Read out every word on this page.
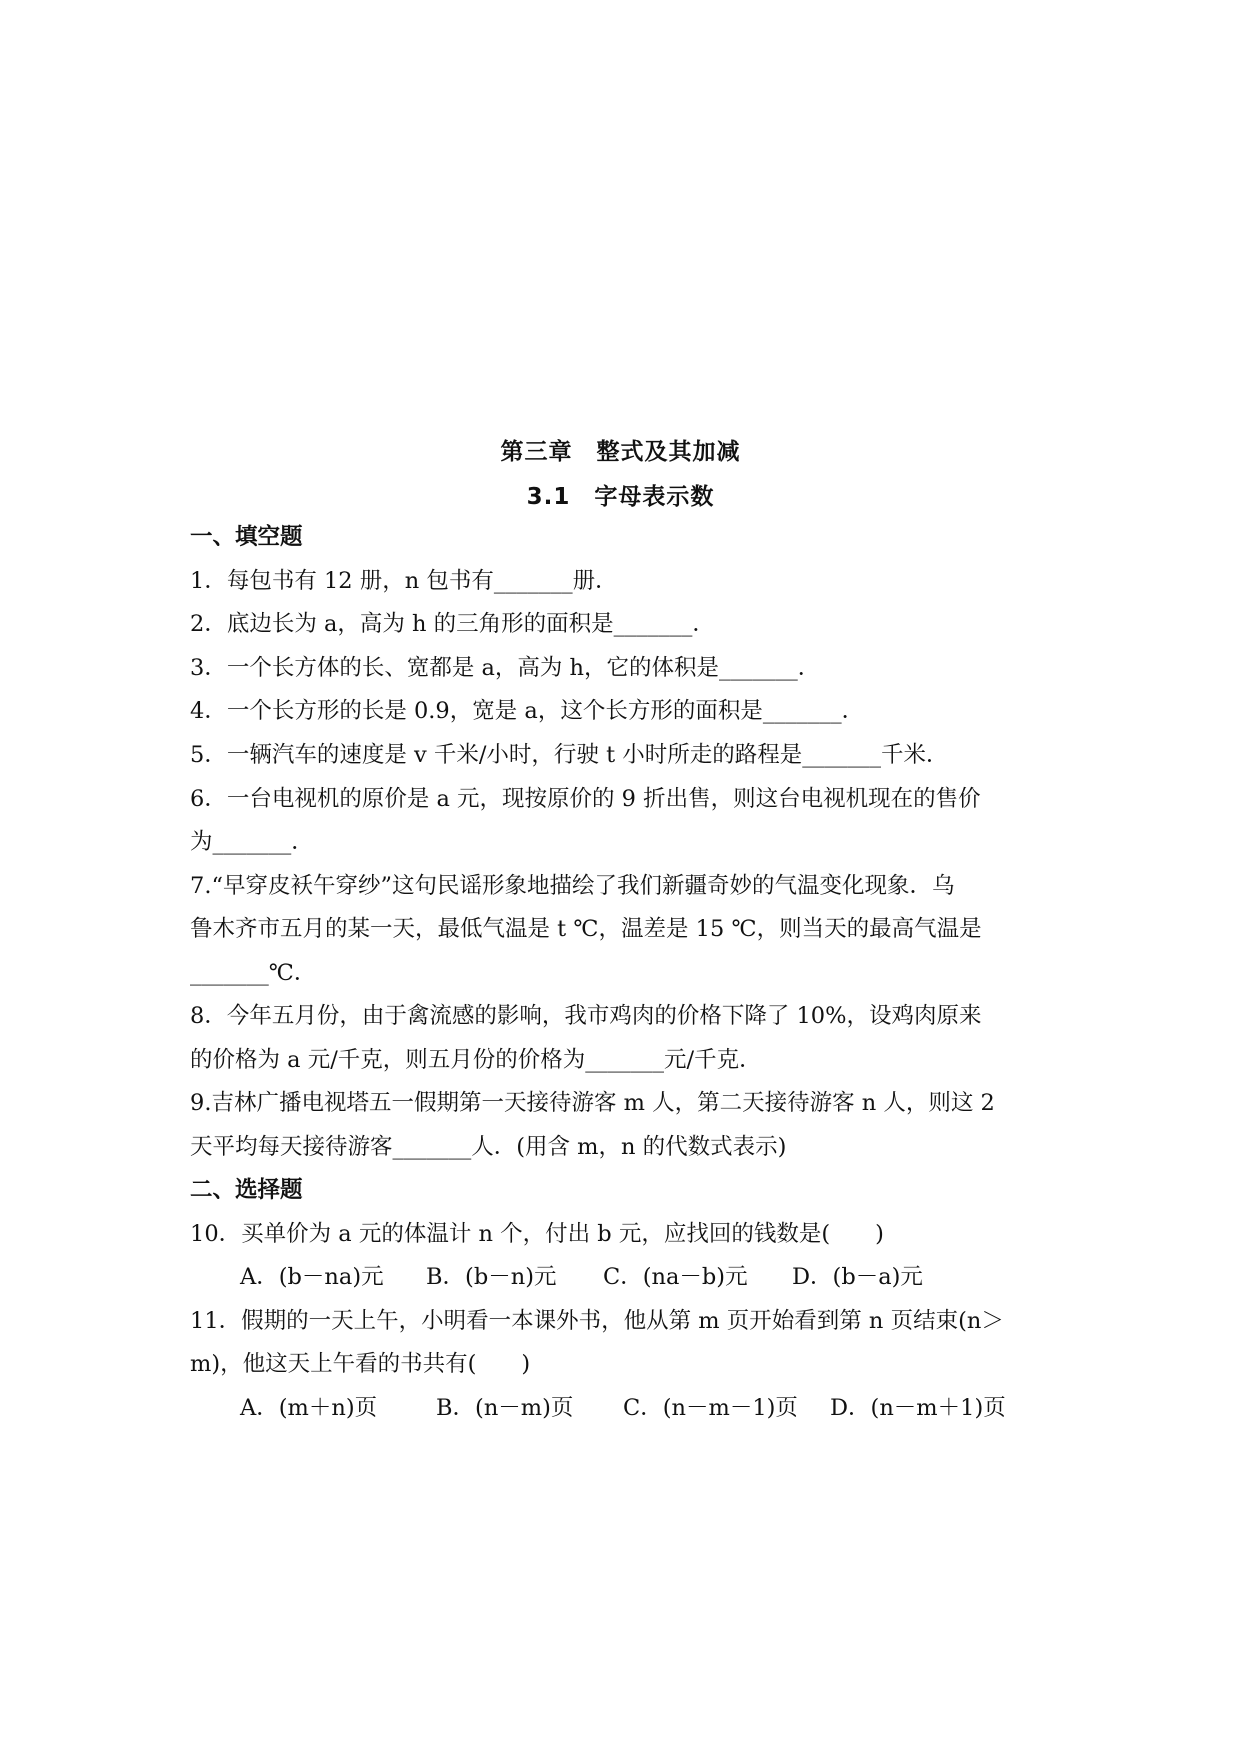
第三章　整式及其加减
3.1　字母表示数
一、填空题
1．每包书有 12 册，n 包书有_______册．
2．底边长为 a，高为 h 的三角形的面积是_______．
3．一个长方体的长、宽都是 a，高为 h，它的体积是_______．
4．一个长方形的长是 0.9，宽是 a，这个长方形的面积是_______．
5．一辆汽车的速度是 v 千米/小时，行驶 t 小时所走的路程是_______千米．
6．一台电视机的原价是 a 元，现按原价的 9 折出售，则这台电视机现在的售价
为_______．
7.“早穿皮袄午穿纱”这句民谣形象地描绘了我们新疆奇妙的气温变化现象．乌
鲁木齐市五月的某一天，最低气温是 t ℃，温差是 15 ℃，则当天的最高气温是
_______℃．
8．今年五月份，由于禽流感的影响，我市鸡肉的价格下降了 10%，设鸡肉原来
的价格为 a 元/千克，则五月份的价格为_______元/千克．
9.吉林广播电视塔五一假期第一天接待游客 m 人，第二天接待游客 n 人，则这 2
天平均每天接待游客_______人．(用含 m，n 的代数式表示)
二、选择题
10．买单价为 a 元的体温计 n 个，付出 b 元，应找回的钱数是(　　)
A．(b－na)元 B．(b－n)元 C．(na－b)元 D．(b－a)元
11．假期的一天上午，小明看一本课外书，他从第 m 页开始看到第 n 页结束(n＞
m)，他这天上午看的书共有(　　)
A．(m＋n)页	B．(n－m)页 C．(n－m－1)页 D．(n－m＋1)页
